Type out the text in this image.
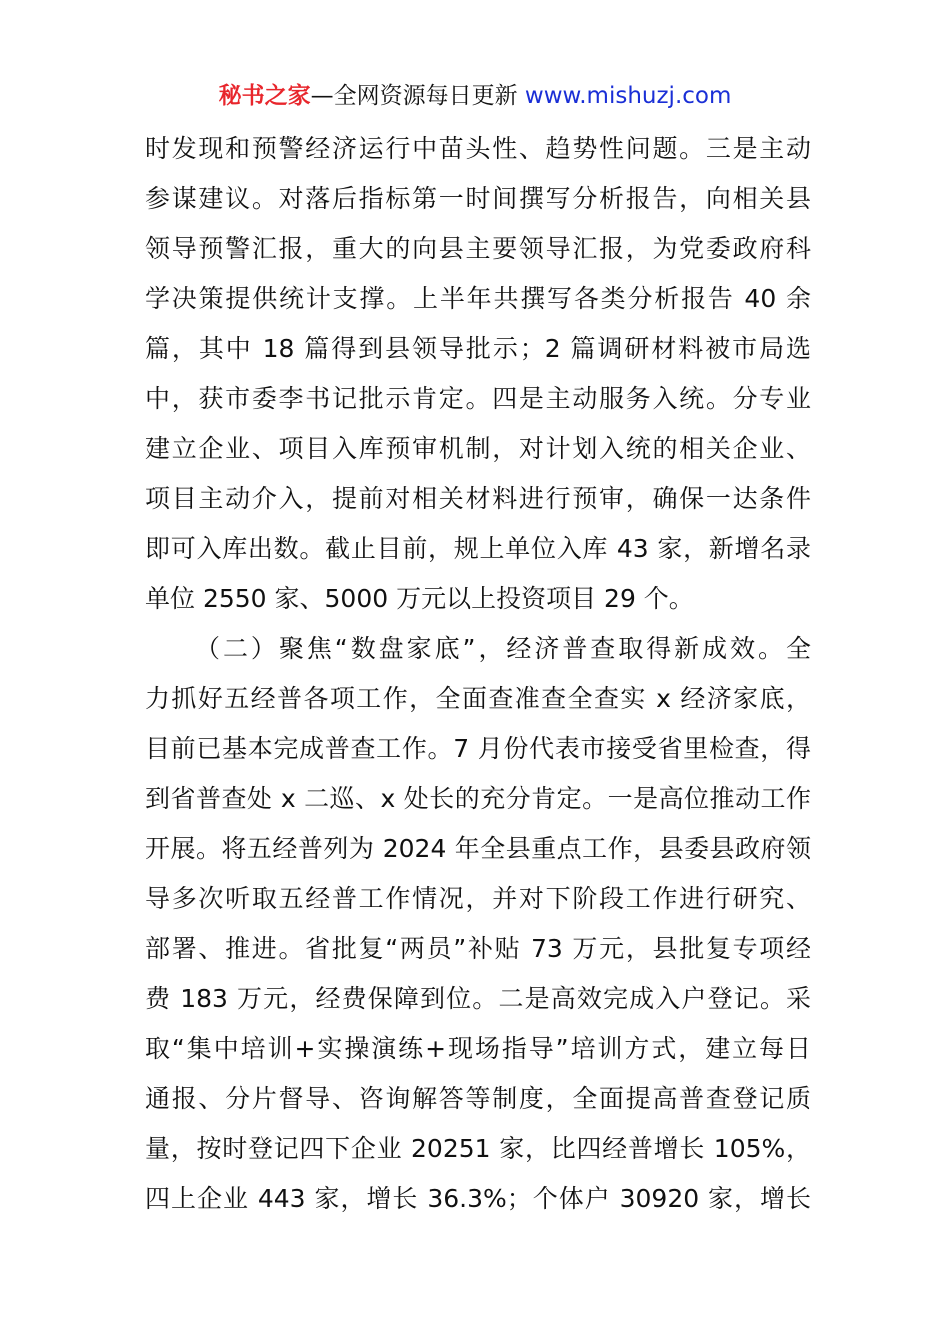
秘书之家—全网资源每日更新 www.mishuzj.com
时发现和预警经济运行中苗头性、趋势性问题。三是主动
参谋建议。对落后指标第一时间撰写分析报告，向相关县
领导预警汇报，重大的向县主要领导汇报，为党委政府科
学决策提供统计支撑。上半年共撰写各类分析报告 40 余
篇，其中 18 篇得到县领导批示；2 篇调研材料被市局选
中，获市委李书记批示肯定。四是主动服务入统。分专业
建立企业、项目入库预审机制，对计划入统的相关企业、
项目主动介入，提前对相关材料进行预审，确保一达条件
即可入库出数。截止目前，规上单位入库 43 家，新增名录
单位 2550 家、5000 万元以上投资项目 29 个。
（二）聚焦“数盘家底”，经济普查取得新成效。全
力抓好五经普各项工作，全面查准查全查实 x 经济家底，
目前已基本完成普查工作。7 月份代表市接受省里检查，得
到省普查处 x 二巡、x 处长的充分肯定。一是高位推动工作
开展。将五经普列为 2024 年全县重点工作，县委县政府领
导多次听取五经普工作情况，并对下阶段工作进行研究、
部署、推进。省批复“两员”补贴 73 万元，县批复专项经
费 183 万元，经费保障到位。二是高效完成入户登记。采
取“集中培训+实操演练+现场指导”培训方式，建立每日
通报、分片督导、咨询解答等制度，全面提高普查登记质
量，按时登记四下企业 20251 家，比四经普增长 105%，
四上企业 443 家，增长 36.3%；个体户 30920 家，增长
